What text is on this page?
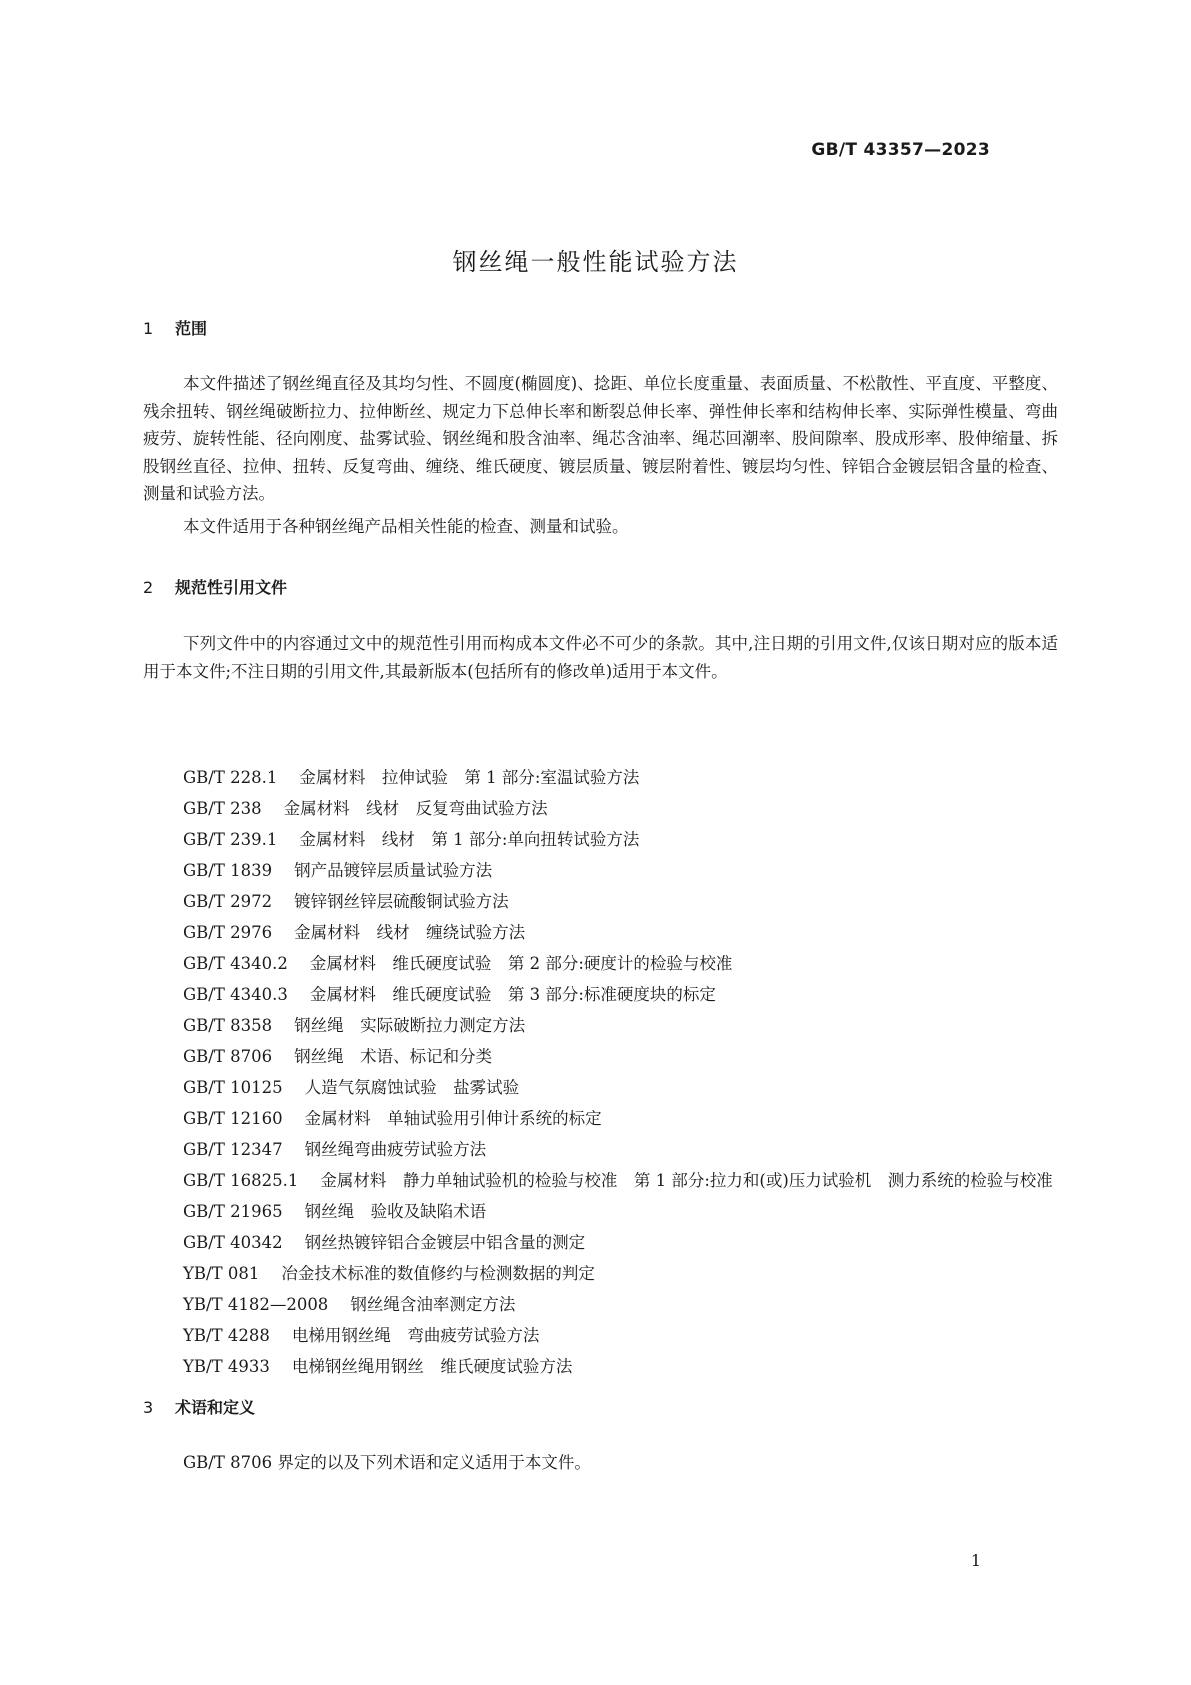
GB/T 43357—2023
钢丝绳一般性能试验方法
1 范围
本文件描述了钢丝绳直径及其均匀性、不圆度(椭圆度)、捻距、单位长度重量、表面质量、不松散性、平直度、平整度、残余扭转、钢丝绳破断拉力、拉伸断丝、规定力下总伸长率和断裂总伸长率、弹性伸长率和结构伸长率、实际弹性模量、弯曲疲劳、旋转性能、径向刚度、盐雾试验、钢丝绳和股含油率、绳芯含油率、绳芯回潮率、股间隙率、股成形率、股伸缩量、拆股钢丝直径、拉伸、扭转、反复弯曲、缠绕、维氏硬度、镀层质量、镀层附着性、镀层均匀性、锌铝合金镀层铝含量的检查、测量和试验方法。
本文件适用于各种钢丝绳产品相关性能的检查、测量和试验。
2 规范性引用文件
下列文件中的内容通过文中的规范性引用而构成本文件必不可少的条款。其中,注日期的引用文件,仅该日期对应的版本适用于本文件;不注日期的引用文件,其最新版本(包括所有的修改单)适用于本文件。
GB/T 228.1 金属材料　拉伸试验　第 1 部分:室温试验方法
GB/T 238 金属材料　线材　反复弯曲试验方法
GB/T 239.1 金属材料　线材　第 1 部分:单向扭转试验方法
GB/T 1839 钢产品镀锌层质量试验方法
GB/T 2972 镀锌钢丝锌层硫酸铜试验方法
GB/T 2976 金属材料　线材　缠绕试验方法
GB/T 4340.2 金属材料　维氏硬度试验　第 2 部分:硬度计的检验与校准
GB/T 4340.3 金属材料　维氏硬度试验　第 3 部分:标准硬度块的标定
GB/T 8358 钢丝绳　实际破断拉力测定方法
GB/T 8706 钢丝绳　术语、标记和分类
GB/T 10125 人造气氛腐蚀试验　盐雾试验
GB/T 12160 金属材料　单轴试验用引伸计系统的标定
GB/T 12347 钢丝绳弯曲疲劳试验方法
GB/T 16825.1 金属材料　静力单轴试验机的检验与校准　第 1 部分:拉力和(或)压力试验机　测力系统的检验与校准
GB/T 21965 钢丝绳　验收及缺陷术语
GB/T 40342 钢丝热镀锌铝合金镀层中铝含量的测定
YB/T 081 冶金技术标准的数值修约与检测数据的判定
YB/T 4182—2008 钢丝绳含油率测定方法
YB/T 4288 电梯用钢丝绳　弯曲疲劳试验方法
YB/T 4933 电梯钢丝绳用钢丝　维氏硬度试验方法
3 术语和定义
GB/T 8706 界定的以及下列术语和定义适用于本文件。
1
